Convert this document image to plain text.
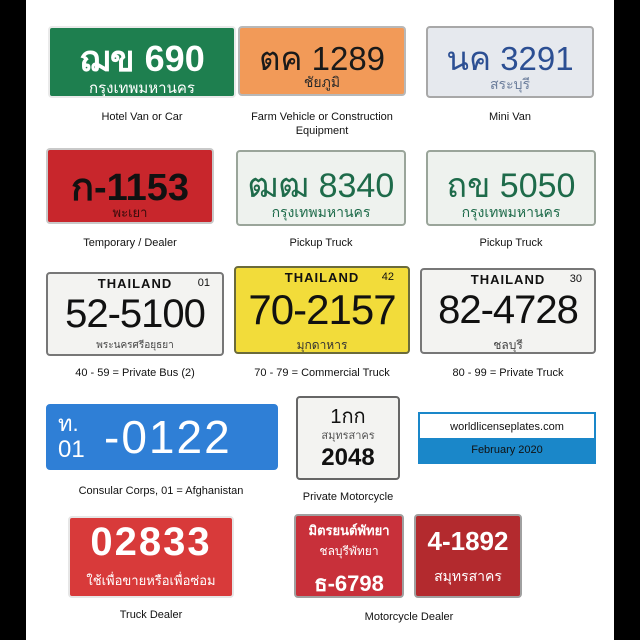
ฌข 690
กรุงเทพมหานคร
Hotel Van or Car
ตค 1289
ชัยภูมิ
Farm Vehicle or Construction Equipment
นค 3291
สระบุรี
Mini Van
ก-1153
พะเยา
Temporary / Dealer
ฒฒ 8340
กรุงเทพมหานคร
Pickup Truck
ถข 5050
กรุงเทพมหานคร
Pickup Truck
THAILAND	01
52-5100
พระนครศรีอยุธยา
40 - 59 = Private Bus (2)
THAILAND	42
70-2157
มุกดาหาร
70 - 79 = Commercial Truck
THAILAND	30
82-4728
ชลบุรี
80 - 99 = Private Truck
ท.
01 -0122
Consular Corps, 01 = Afghanistan
1กก
สมุทรสาคร
2048
Private Motorcycle
worldlicenseplates.com
February 2020
02833
ใช้เพื่อขายหรือเพื่อซ่อม
Truck Dealer
มิตรยนต์พัทยา
ชลบุรีพัทยา
ธ-6798
4-1892
สมุทรสาคร
Motorcycle Dealer
